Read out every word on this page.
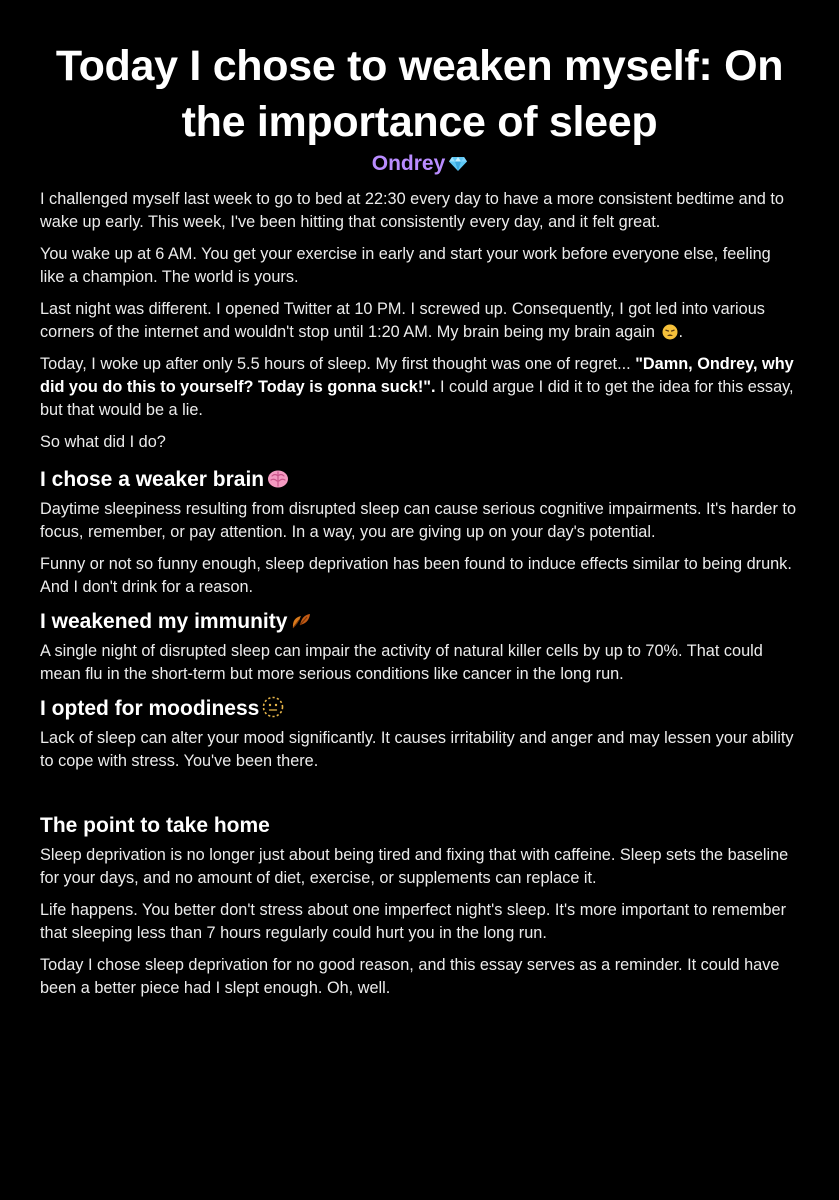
Today I chose to weaken myself: On the importance of sleep
Ondrey

I challenged myself last week to go to bed at 22:30 every day to have a more consistent bedtime and to wake up early. This week, I've been hitting that consistently every day, and it felt great.

You wake up at 6 AM. You get your exercise in early and start your work before everyone else, feeling like a champion. The world is yours.

Last night was different. I opened Twitter at 10 PM. I screwed up. Consequently, I got led into various corners of the internet and wouldn't stop until 1:20 AM. My brain being my brain again .

Today, I woke up after only 5.5 hours of sleep. My first thought was one of regret... "Damn, Ondrey, why did you do this to yourself? Today is gonna suck!". I could argue I did it to get the idea for this essay, but that would be a lie.

So what did I do?

I chose a weaker brain

Daytime sleepiness resulting from disrupted sleep can cause serious cognitive impairments. It's harder to focus, remember, or pay attention. In a way, you are giving up on your day's potential.

Funny or not so funny enough, sleep deprivation has been found to induce effects similar to being drunk. And I don't drink for a reason.

I weakened my immunity

A single night of disrupted sleep can impair the activity of natural killer cells by up to 70%. That could mean flu in the short-term but more serious conditions like cancer in the long run.

I opted for moodiness

Lack of sleep can alter your mood significantly. It causes irritability and anger and may lessen your ability to cope with stress. You've been there.

The point to take home

Sleep deprivation is no longer just about being tired and fixing that with caffeine. Sleep sets the baseline for your days, and no amount of diet, exercise, or supplements can replace it.

Life happens. You better don't stress about one imperfect night's sleep. It's more important to remember that sleeping less than 7 hours regularly could hurt you in the long run.

Today I chose sleep deprivation for no good reason, and this essay serves as a reminder. It could have been a better piece had I slept enough. Oh, well.
